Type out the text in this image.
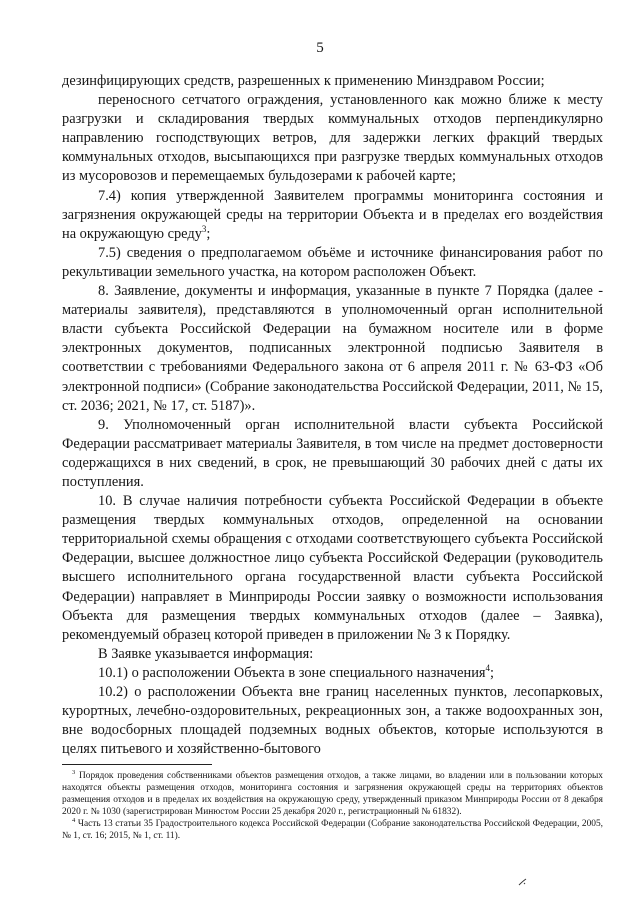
5

дезинфицирующих средств, разрешенных к применению Минздравом России;

переносного сетчатого ограждения, установленного как можно ближе к месту разгрузки и складирования твердых коммунальных отходов перпендикулярно направлению господствующих ветров, для задержки легких фракций твердых коммунальных отходов, высыпающихся при разгрузке твердых коммунальных отходов из мусоровозов и перемещаемых бульдозерами к рабочей карте;

7.4) копия утвержденной Заявителем программы мониторинга состояния и загрязнения окружающей среды на территории Объекта и в пределах его воздействия на окружающую среду$^3$;

7.5) сведения о предполагаемом объёме и источнике финансирования работ по рекультивации земельного участка, на котором расположен Объект.

8. Заявление, документы и информация, указанные в пункте 7 Порядка (далее - материалы заявителя), представляются в уполномоченный орган исполнительной власти субъекта Российской Федерации на бумажном носителе или в форме электронных документов, подписанных электронной подписью Заявителя в соответствии с требованиями Федерального закона от 6 апреля 2011 г. № 63-ФЗ «Об электронной подписи» (Собрание законодательства Российской Федерации, 2011, № 15, ст. 2036; 2021, № 17, ст. 5187)».

9. Уполномоченный орган исполнительной власти субъекта Российской Федерации рассматривает материалы Заявителя, в том числе на предмет достоверности содержащихся в них сведений, в срок, не превышающий 30 рабочих дней с даты их поступления.

10. В случае наличия потребности субъекта Российской Федерации в объекте размещения твердых коммунальных отходов, определенной на основании территориальной схемы обращения с отходами соответствующего субъекта Российской Федерации, высшее должностное лицо субъекта Российской Федерации (руководитель высшего исполнительного органа государственной власти субъекта Российской Федерации) направляет в Минприроды России заявку о возможности использования Объекта для размещения твердых коммунальных отходов (далее – Заявка), рекомендуемый образец которой приведен в приложении № 3 к Порядку.

В Заявке указывается информация:

10.1) о расположении Объекта в зоне специального назначения$^4$;

10.2) о расположении Объекта вне границ населенных пунктов, лесопарковых, курортных, лечебно-оздоровительных, рекреационных зон, а также водоохранных зон, вне водосборных площадей подземных водных объектов, которые используются в целях питьевого и хозяйственно-бытового

$^3$ Порядок проведения собственниками объектов размещения отходов, а также лицами, во владении или в пользовании которых находятся объекты размещения отходов, мониторинга состояния и загрязнения окружающей среды на территориях объектов размещения отходов и в пределах их воздействия на окружающую среду, утвержденный приказом Минприроды России от 8 декабря 2020 г. № 1030 (зарегистрирован Минюстом России 25 декабря 2020 г., регистрационный № 61832).

$^4$ Часть 13 статьи 35 Градостроительного кодекса Российской Федерации (Собрание законодательства Российской Федерации, 2005, № 1, ст. 16; 2015, № 1, ст. 11).
